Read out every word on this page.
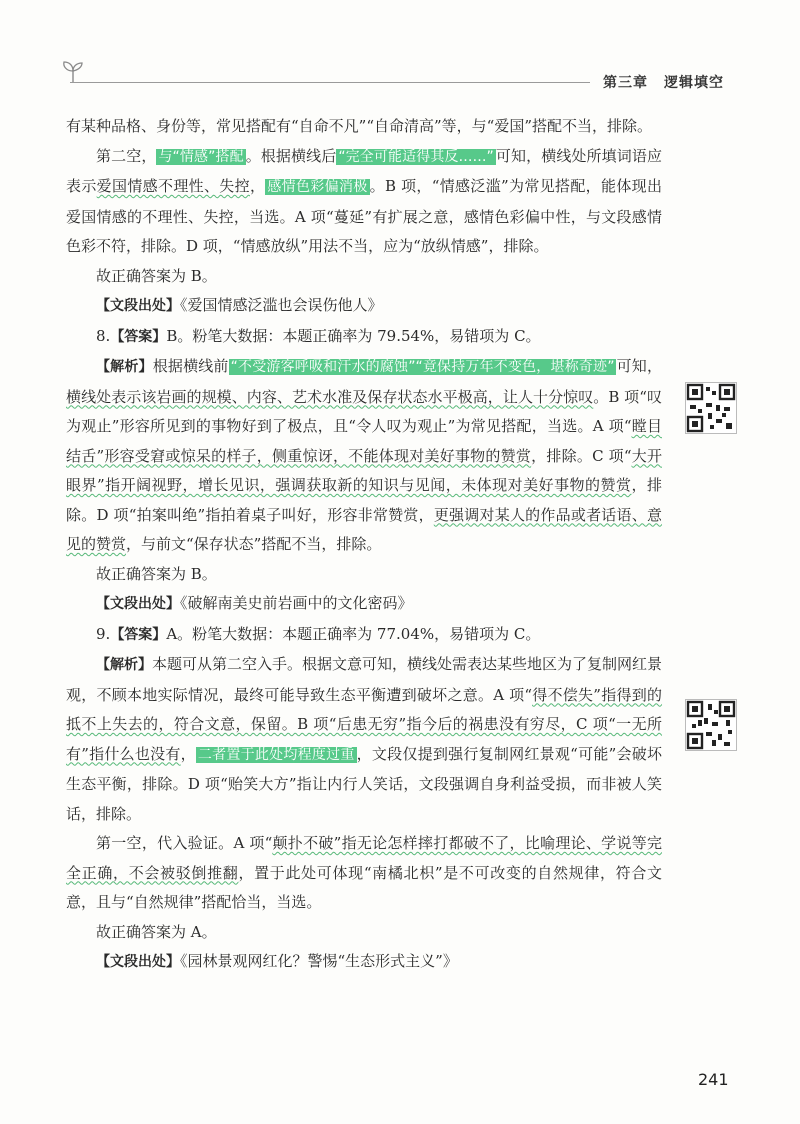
第三章 逻辑填空

有某种品格、身份等，常见搭配有“自命不凡”“自命清高”等，与“爱国”搭配不当，排除。

第二空， 与“情感”搭配 。根据横线后 “完全可能适得其反……” 可知，横线处所填词语应表示爱国情感不理性、失控， 感情色彩偏消极 。B 项，“情感泛滥”为常见搭配，能体现出爱国情感的不理性、失控，当选。A 项“蔓延”有扩展之意，感情色彩偏中性，与文段感情色彩不符，排除。D 项，“情感放纵”用法不当，应为“放纵情感”，排除。

故正确答案为 B。

【文段出处】《爱国情感泛滥也会误伤他人》

8.【答案】B。粉笔大数据：本题正确率为 79.54%，易错项为 C。

【解析】根据横线前 “不受游客呼吸和汗水的腐蚀”“竟保持万年不变色，堪称奇迹” 可知，横线处表示该岩画的规模、内容、艺术水准及保存状态水平极高，让人十分惊叹。B 项“叹为观止”形容所见到的事物好到了极点，且“令人叹为观止”为常见搭配，当选。A 项“瞠目结舌”形容受窘或惊呆的样子，侧重惊讶，不能体现对美好事物的赞赏，排除。C 项“大开眼界”指开阔视野，增长见识，强调获取新的知识与见闻，未体现对美好事物的赞赏，排除。D 项“拍案叫绝”指拍着桌子叫好，形容非常赞赏，更强调对某人的作品或者话语、意见的赞赏，与前文“保存状态”搭配不当，排除。

故正确答案为 B。

【文段出处】《破解南美史前岩画中的文化密码》

9.【答案】A。粉笔大数据：本题正确率为 77.04%，易错项为 C。

【解析】本题可从第二空入手。根据文意可知，横线处需表达某些地区为了复制网红景观，不顾本地实际情况，最终可能导致生态平衡遭到破坏之意。A 项“得不偿失”指得到的抵不上失去的，符合文意，保留。B 项“后患无穷”指今后的祸患没有穷尽，C 项“一无所有”指什么也没有， 二者置于此处均程度过重 ，文段仅提到强行复制网红景观“可能”会破坏生态平衡，排除。D 项“贻笑大方”指让内行人笑话，文段强调自身利益受损，而非被人笑话，排除。

第一空，代入验证。A 项“颠扑不破”指无论怎样摔打都破不了，比喻理论、学说等完全正确，不会被驳倒推翻，置于此处可体现“南橘北枳”是不可改变的自然规律，符合文意，且与“自然规律”搭配恰当，当选。

故正确答案为 A。

【文段出处】《园林景观网红化？警惕“生态形式主义”》

241
